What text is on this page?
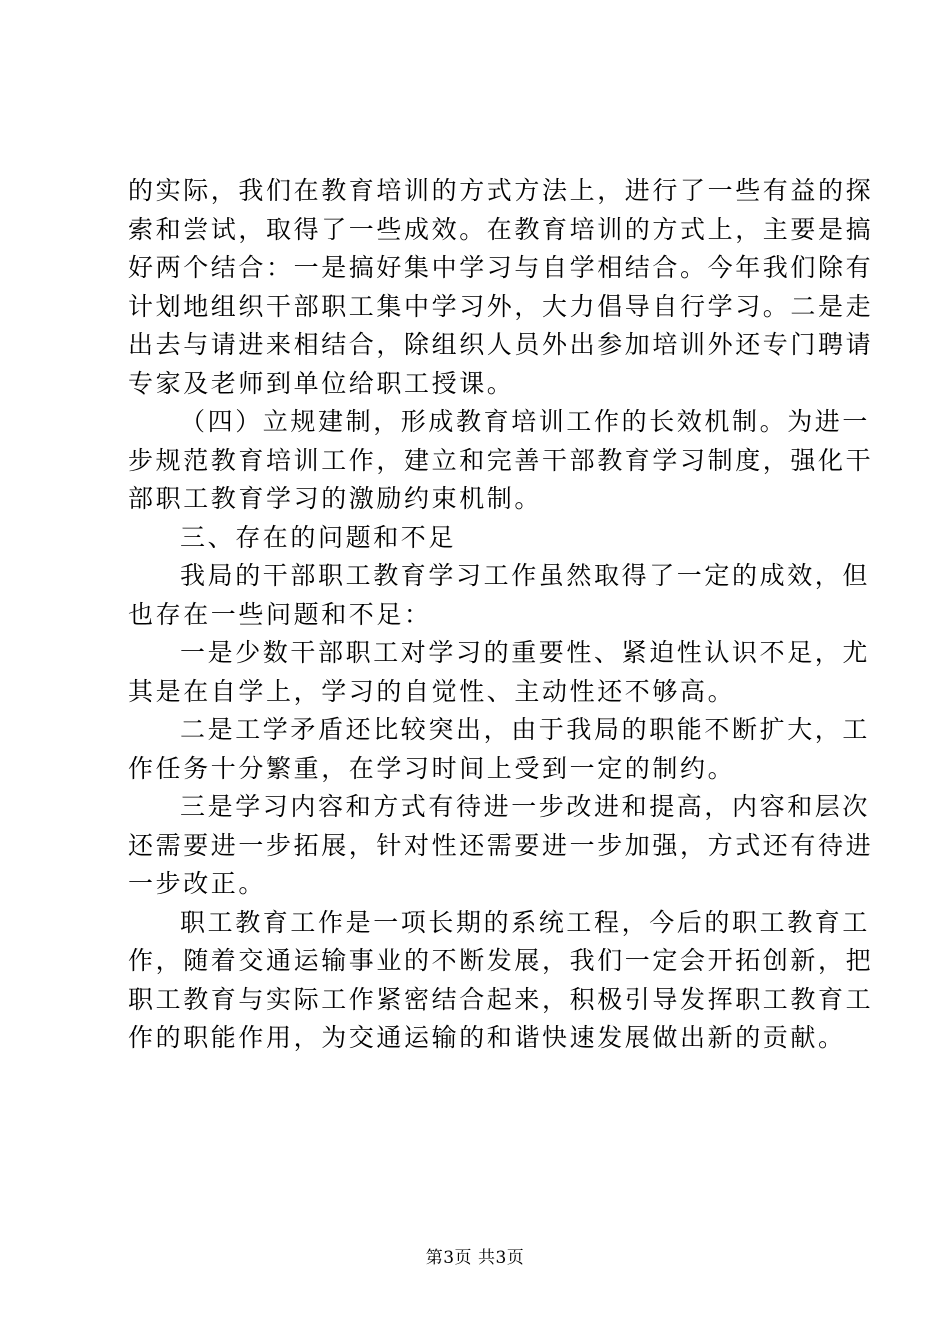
的实际，我们在教育培训的方式方法上，进行了一些有益的探
索和尝试，取得了一些成效。在教育培训的方式上，主要是搞
好两个结合：一是搞好集中学习与自学相结合。今年我们除有
计划地组织干部职工集中学习外，大力倡导自行学习。二是走
出去与请进来相结合，除组织人员外出参加培训外还专门聘请
专家及老师到单位给职工授课。
（四）立规建制，形成教育培训工作的长效机制。为进一
步规范教育培训工作，建立和完善干部教育学习制度，强化干
部职工教育学习的激励约束机制。
三、存在的问题和不足
我局的干部职工教育学习工作虽然取得了一定的成效，但
也存在一些问题和不足：
一是少数干部职工对学习的重要性、紧迫性认识不足，尤
其是在自学上，学习的自觉性、主动性还不够高。
二是工学矛盾还比较突出，由于我局的职能不断扩大，工
作任务十分繁重，在学习时间上受到一定的制约。
三是学习内容和方式有待进一步改进和提高，内容和层次
还需要进一步拓展，针对性还需要进一步加强，方式还有待进
一步改正。
职工教育工作是一项长期的系统工程，今后的职工教育工
作，随着交通运输事业的不断发展，我们一定会开拓创新，把
职工教育与实际工作紧密结合起来，积极引导发挥职工教育工
作的职能作用，为交通运输的和谐快速发展做出新的贡献。
第3页 共3页
